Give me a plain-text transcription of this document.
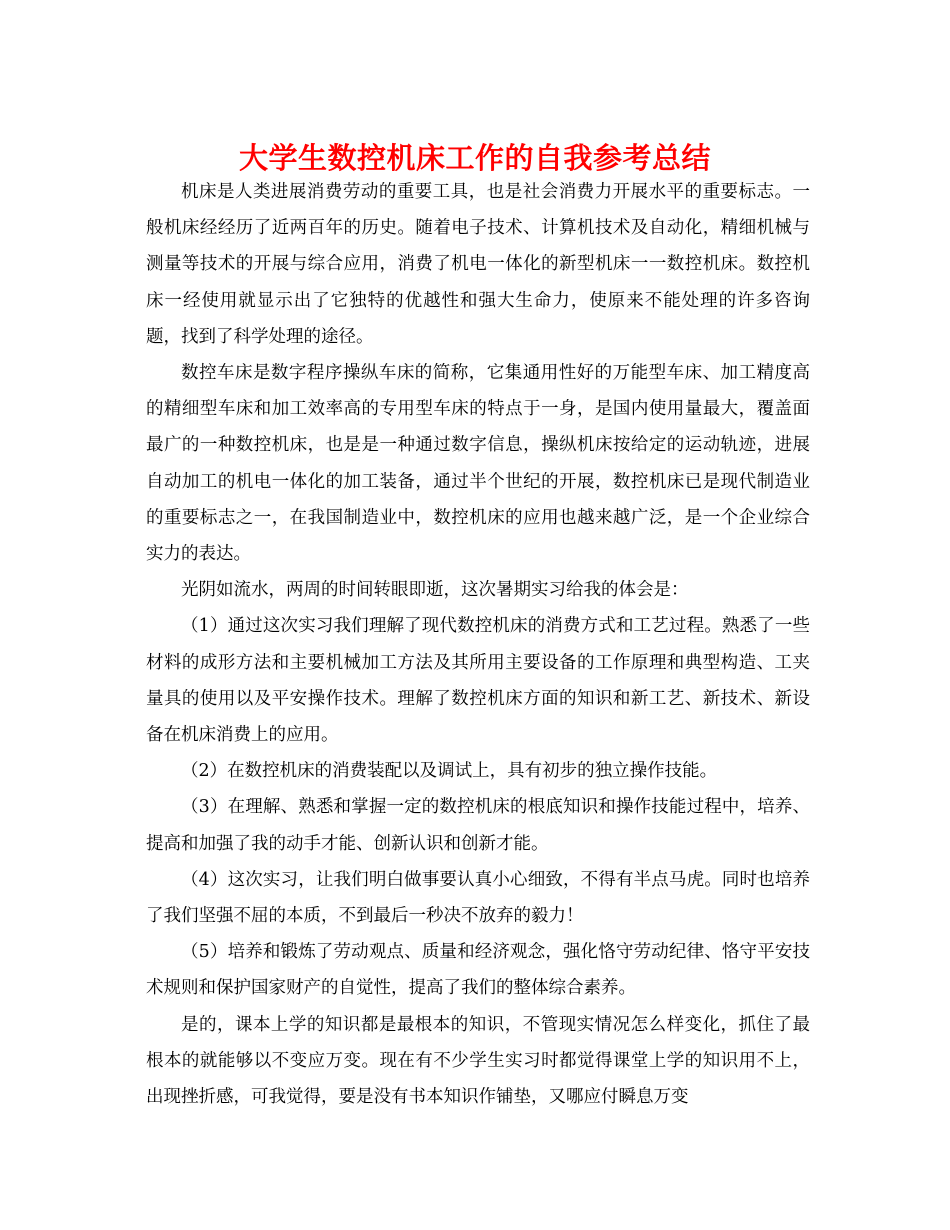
大学生数控机床工作的自我参考总结

机床是人类进展消费劳动的重要工具，也是社会消费力开展水平的重要标志。一般机床经经历了近两百年的历史。随着电子技术、计算机技术及自动化，精细机械与测量等技术的开展与综合应用，消费了机电一体化的新型机床一一数控机床。数控机床一经使用就显示出了它独特的优越性和强大生命力，使原来不能处理的许多咨询题，找到了科学处理的途径。

数控车床是数字程序操纵车床的简称，它集通用性好的万能型车床、加工精度高的精细型车床和加工效率高的专用型车床的特点于一身，是国内使用量最大，覆盖面最广的一种数控机床，也是是一种通过数字信息，操纵机床按给定的运动轨迹，进展自动加工的机电一体化的加工装备，通过半个世纪的开展，数控机床已是现代制造业的重要标志之一，在我国制造业中，数控机床的应用也越来越广泛，是一个企业综合实力的表达。

光阴如流水，两周的时间转眼即逝，这次暑期实习给我的体会是：

（1）通过这次实习我们理解了现代数控机床的消费方式和工艺过程。熟悉了一些材料的成形方法和主要机械加工方法及其所用主要设备的工作原理和典型构造、工夹量具的使用以及平安操作技术。理解了数控机床方面的知识和新工艺、新技术、新设备在机床消费上的应用。

（2）在数控机床的消费装配以及调试上，具有初步的独立操作技能。

（3）在理解、熟悉和掌握一定的数控机床的根底知识和操作技能过程中，培养、提高和加强了我的动手才能、创新认识和创新才能。

（4）这次实习，让我们明白做事要认真小心细致，不得有半点马虎。同时也培养了我们坚强不屈的本质，不到最后一秒决不放弃的毅力！

（5）培养和锻炼了劳动观点、质量和经济观念，强化恪守劳动纪律、恪守平安技术规则和保护国家财产的自觉性，提高了我们的整体综合素养。

是的，课本上学的知识都是最根本的知识，不管现实情况怎么样变化，抓住了最根本的就能够以不变应万变。现在有不少学生实习时都觉得课堂上学的知识用不上，出现挫折感，可我觉得，要是没有书本知识作铺垫，又哪应付瞬息万变
